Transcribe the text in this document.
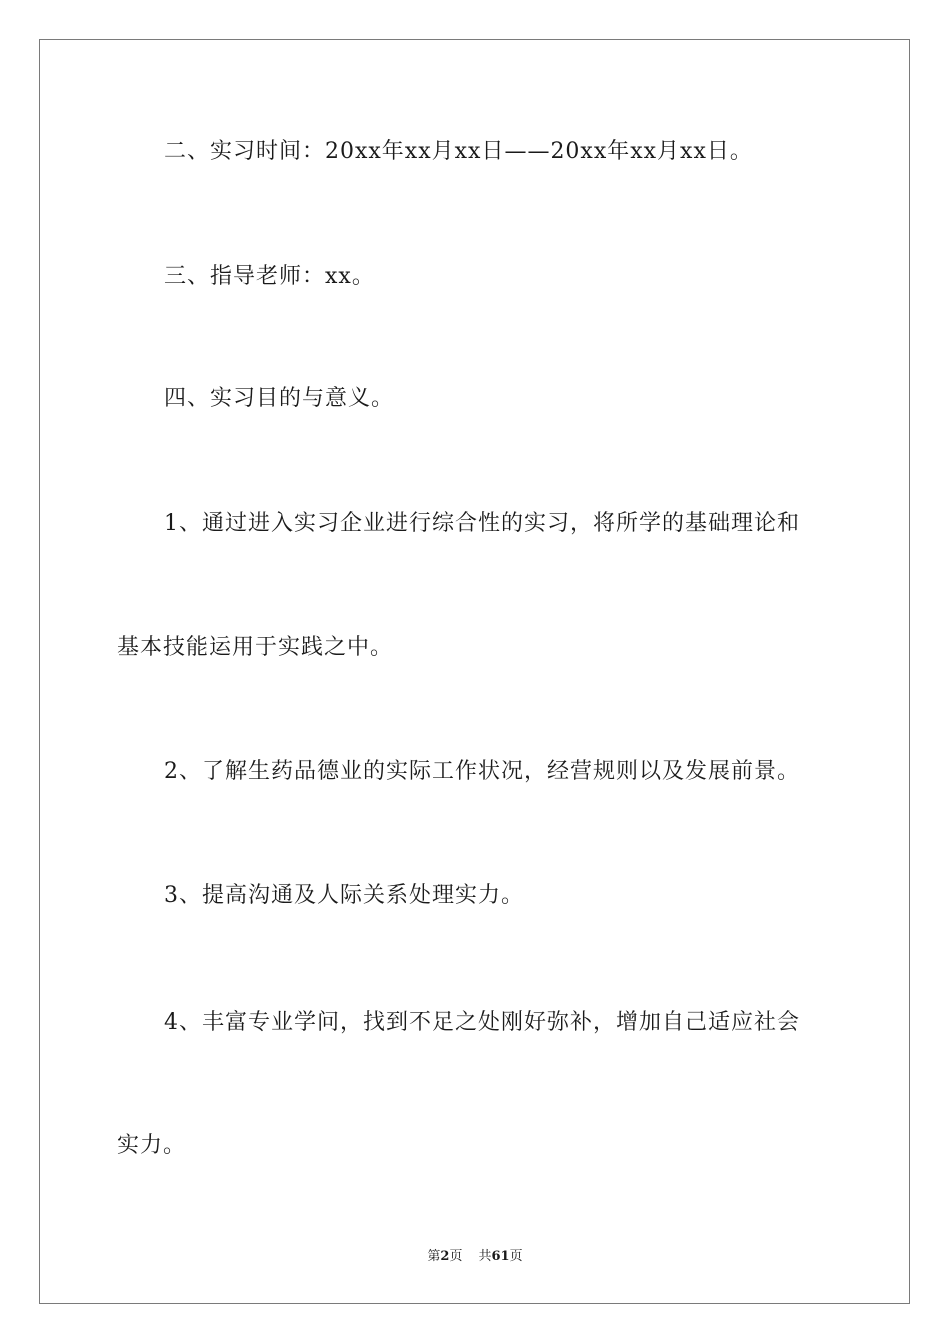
二、实习时间：20xx年xx月xx日——20xx年xx月xx日。
三、指导老师：xx。
四、实习目的与意义。
1、通过进入实习企业进行综合性的实习，将所学的基础理论和
基本技能运用于实践之中。
2、了解生药品德业的实际工作状况，经营规则以及发展前景。
3、提高沟通及人际关系处理实力。
4、丰富专业学问，找到不足之处刚好弥补，增加自己适应社会
实力。
第2页 共61页
